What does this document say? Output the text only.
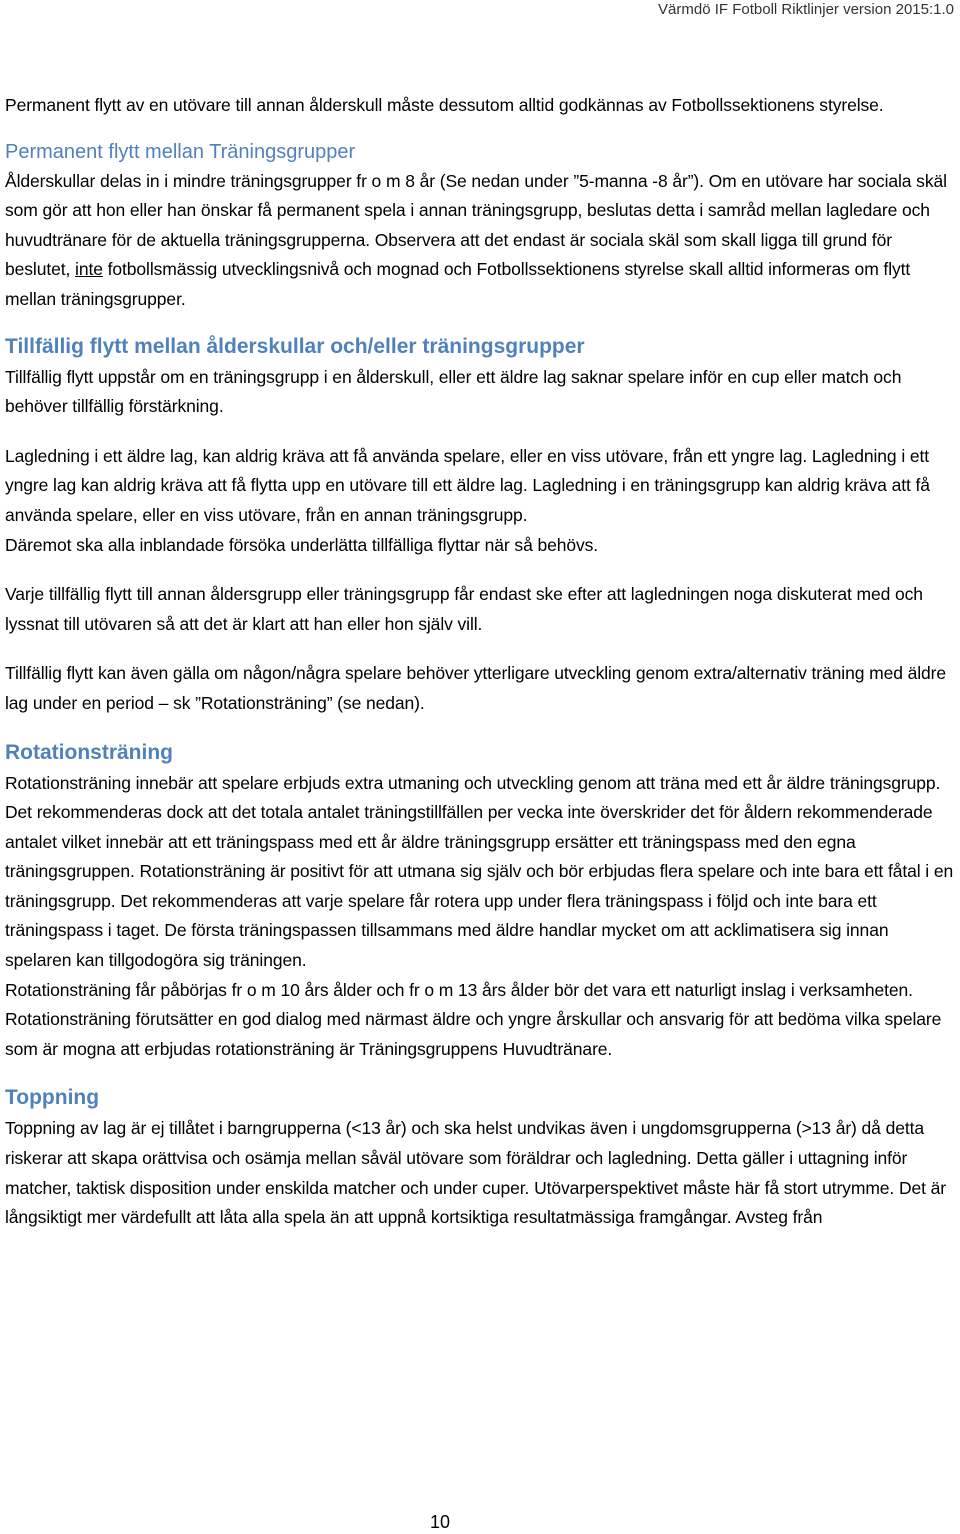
Värmdö IF Fotboll Riktlinjer version 2015:1.0

Permanent flytt av en utövare till annan ålderskull måste dessutom alltid godkännas av Fotbollssektionens styrelse.

Permanent flytt mellan Träningsgrupper

Ålderskullar delas in i mindre träningsgrupper fr o m 8 år (Se nedan under ”5-manna -8 år”). Om en utövare har sociala skäl som gör att hon eller han önskar få permanent spela i annan träningsgrupp, beslutas detta i samråd mellan lagledare och huvudtränare för de aktuella träningsgrupperna. Observera att det endast är sociala skäl som skall ligga till grund för beslutet, inte fotbollsmässig utvecklingsnivå och mognad och Fotbollssektionens styrelse skall alltid informeras om flytt mellan träningsgrupper.

Tillfällig flytt mellan ålderskullar och/eller träningsgrupper

Tillfällig flytt uppstår om en träningsgrupp i en ålderskull, eller ett äldre lag saknar spelare inför en cup eller match och behöver tillfällig förstärkning.

Lagledning i ett äldre lag, kan aldrig kräva att få använda spelare, eller en viss utövare, från ett yngre lag. Lagledning i ett yngre lag kan aldrig kräva att få flytta upp en utövare till ett äldre lag. Lagledning i en träningsgrupp kan aldrig kräva att få använda spelare, eller en viss utövare, från en annan träningsgrupp.

Däremot ska alla inblandade försöka underlätta tillfälliga flyttar när så behövs.

Varje tillfällig flytt till annan åldersgrupp eller träningsgrupp får endast ske efter att lagledningen noga diskuterat med och lyssnat till utövaren så att det är klart att han eller hon själv vill.

Tillfällig flytt kan även gälla om någon/några spelare behöver ytterligare utveckling genom extra/alternativ träning med äldre lag under en period – sk ”Rotationsträning” (se nedan).

Rotationsträning

Rotationsträning innebär att spelare erbjuds extra utmaning och utveckling genom att träna med ett år äldre träningsgrupp. Det rekommenderas dock att det totala antalet träningstillfällen per vecka inte överskrider det för åldern rekommenderade antalet vilket innebär att ett träningspass med ett år äldre träningsgrupp ersätter ett träningspass med den egna träningsgruppen. Rotationsträning är positivt för att utmana sig själv och bör erbjudas flera spelare och inte bara ett fåtal i en träningsgrupp. Det rekommenderas att varje spelare får rotera upp under flera träningspass i följd och inte bara ett träningspass i taget. De första träningspassen tillsammans med äldre handlar mycket om att acklimatisera sig innan spelaren kan tillgodogöra sig träningen.

Rotationsträning får påbörjas fr o m 10 års ålder och fr o m 13 års ålder bör det vara ett naturligt inslag i verksamheten. Rotationsträning förutsätter en god dialog med närmast äldre och yngre årskullar och ansvarig för att bedöma vilka spelare som är mogna att erbjudas rotationsträning är Träningsgruppens Huvudtränare.

Toppning

Toppning av lag är ej tillåtet i barngrupperna (<13 år) och ska helst undvikas även i ungdomsgrupperna (>13 år) då detta riskerar att skapa orättvisa och osämja mellan såväl utövare som föräldrar och lagledning. Detta gäller i uttagning inför matcher, taktisk disposition under enskilda matcher och under cuper. Utövarperspektivet måste här få stort utrymme. Det är långsiktigt mer värdefullt att låta alla spela än att uppnå kortsiktiga resultatmässiga framgångar. Avsteg från

10
